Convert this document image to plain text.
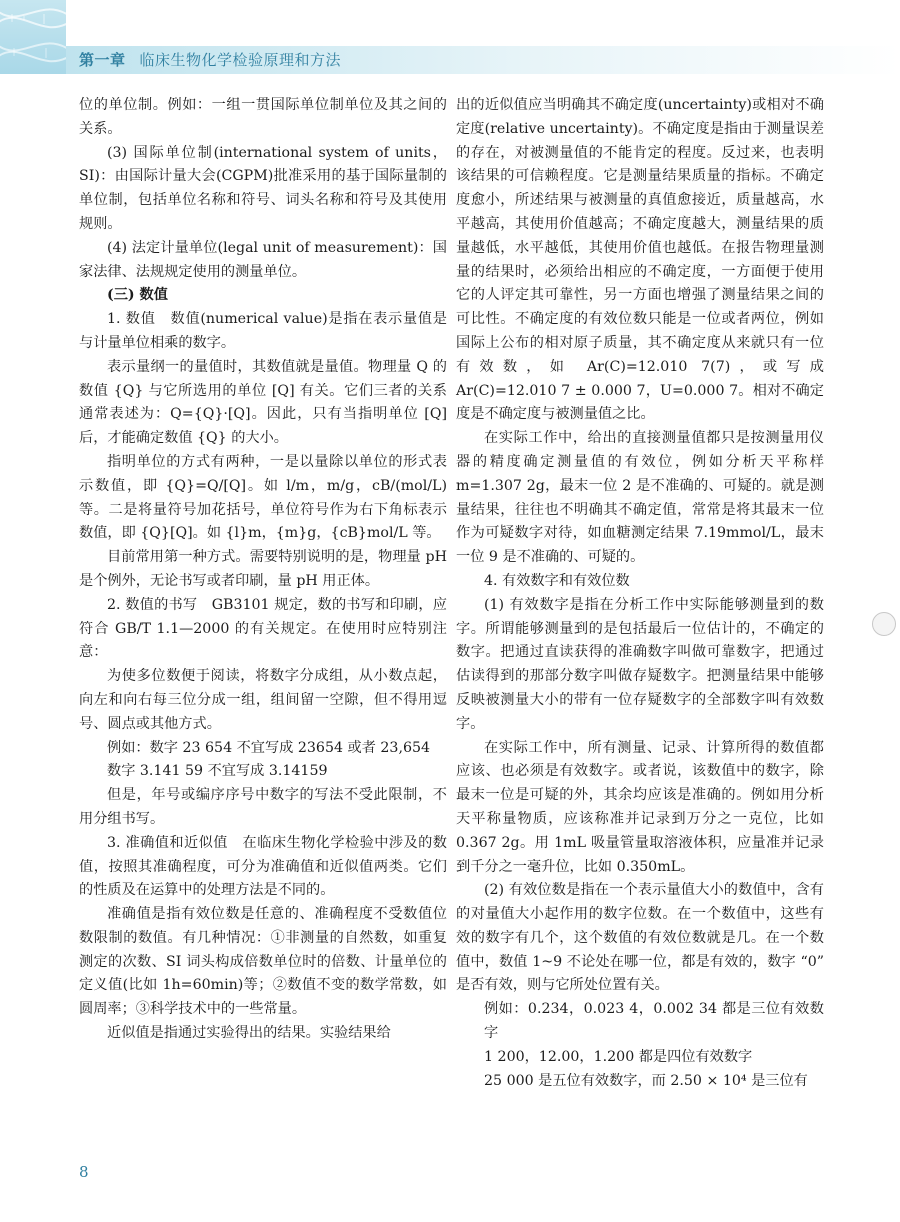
第一章 临床生物化学检验原理和方法

位的单位制。例如：一组一贯国际单位制单位及其之间的关系。

(3) 国际单位制(international system of units，SI)：由国际计量大会(CGPM)批准采用的基于国际量制的单位制，包括单位名称和符号、词头名称和符号及其使用规则。

(4) 法定计量单位(legal unit of measurement)：国家法律、法规规定使用的测量单位。

(三) 数值

1. 数值　数值(numerical value)是指在表示量值是与计量单位相乘的数字。

表示量纲一的量值时，其数值就是量值。物理量 Q 的数值 {Q} 与它所选用的单位 [Q] 有关。它们三者的关系通常表述为：Q={Q}·[Q]。因此，只有当指明单位 [Q] 后，才能确定数值 {Q} 的大小。

指明单位的方式有两种，一是以量除以单位的形式表示数值，即 {Q}=Q/[Q]。如 l/m，m/g，cB/(mol/L) 等。二是将量符号加花括号，单位符号作为右下角标表示数值，即 {Q}[Q]。如 {l}m，{m}g，{cB}mol/L 等。

目前常用第一种方式。需要特别说明的是，物理量 pH 是个例外，无论书写或者印刷，量 pH 用正体。

2. 数值的书写　GB3101 规定，数的书写和印刷，应符合 GB/T 1.1—2000 的有关规定。在使用时应特别注意：

为使多位数便于阅读，将数字分成组，从小数点起，向左和向右每三位分成一组，组间留一空隙，但不得用逗号、圆点或其他方式。

例如：数字 23 654 不宜写成 23654 或者 23,654

数字 3.141 59 不宜写成 3.14159

但是，年号或编序序号中数字的写法不受此限制，不用分组书写。

3. 准确值和近似值　在临床生物化学检验中涉及的数值，按照其准确程度，可分为准确值和近似值两类。它们的性质及在运算中的处理方法是不同的。

准确值是指有效位数是任意的、准确程度不受数值位数限制的数值。有几种情况：①非测量的自然数，如重复测定的次数、SI 词头构成倍数单位时的倍数、计量单位的定义值(比如 1h=60min)等；②数值不变的数学常数，如圆周率；③科学技术中的一些常量。

近似值是指通过实验得出的结果。实验结果给

出的近似值应当明确其不确定度(uncertainty)或相对不确定度(relative uncertainty)。不确定度是指由于测量误差的存在，对被测量值的不能肯定的程度。反过来，也表明该结果的可信赖程度。它是测量结果质量的指标。不确定度愈小，所述结果与被测量的真值愈接近，质量越高，水平越高，其使用价值越高；不确定度越大，测量结果的质量越低，水平越低，其使用价值也越低。在报告物理量测量的结果时，必须给出相应的不确定度，一方面便于使用它的人评定其可靠性，另一方面也增强了测量结果之间的可比性。不确定度的有效位数只能是一位或者两位，例如国际上公布的相对原子质量，其不确定度从来就只有一位有效数，如 Ar(C)=12.010 7(7)，或写成 Ar(C)=12.010 7 ± 0.000 7，U=0.000 7。相对不确定度是不确定度与被测量值之比。

在实际工作中，给出的直接测量值都只是按测量用仪器的精度确定测量值的有效位，例如分析天平称样 m=1.307 2g，最末一位 2 是不准确的、可疑的。就是测量结果，往往也不明确其不确定值，常常是将其最末一位作为可疑数字对待，如血糖测定结果 7.19mmol/L，最末一位 9 是不准确的、可疑的。

4. 有效数字和有效位数

(1) 有效数字是指在分析工作中实际能够测量到的数字。所谓能够测量到的是包括最后一位估计的，不确定的数字。把通过直读获得的准确数字叫做可靠数字，把通过估读得到的那部分数字叫做存疑数字。把测量结果中能够反映被测量大小的带有一位存疑数字的全部数字叫有效数字。

在实际工作中，所有测量、记录、计算所得的数值都应该、也必须是有效数字。或者说，该数值中的数字，除最末一位是可疑的外，其余均应该是准确的。例如用分析天平称量物质，应该称准并记录到万分之一克位，比如 0.367 2g。用 1mL 吸量管量取溶液体积，应量准并记录到千分之一毫升位，比如 0.350mL。

(2) 有效位数是指在一个表示量值大小的数值中，含有的对量值大小起作用的数字位数。在一个数值中，这些有效的数字有几个，这个数值的有效位数就是几。在一个数值中，数值 1~9 不论处在哪一位，都是有效的，数字 “0” 是否有效，则与它所处位置有关。

例如：0.234，0.023 4，0.002 34 都是三位有效数字

1 200，12.00，1.200 都是四位有效数字

25 000 是五位有效数字，而 2.50 × 10⁴ 是三位有

8
